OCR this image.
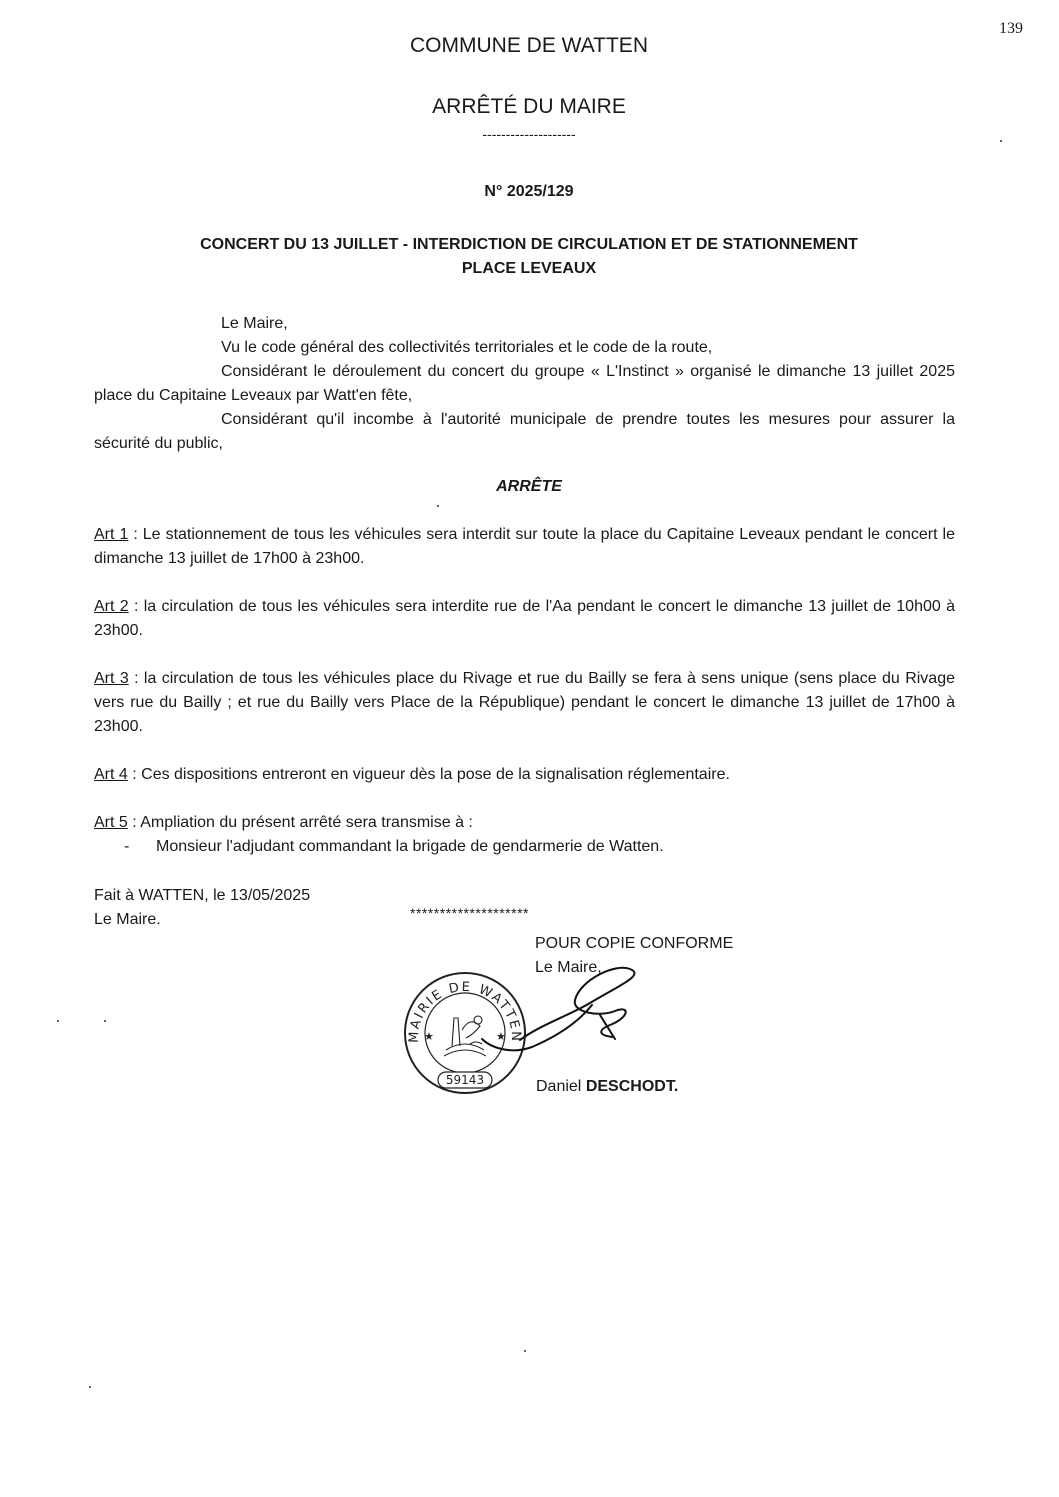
139
COMMUNE DE WATTEN
ARRÊTÉ DU MAIRE
--------------------
N° 2025/129
CONCERT DU 13 JUILLET - INTERDICTION DE CIRCULATION ET DE STATIONNEMENT
PLACE LEVEAUX

Le Maire,

Vu le code général des collectivités territoriales et le code de la route,

Considérant le déroulement du concert du groupe « L'Instinct » organisé le dimanche 13 juillet 2025 place du Capitaine Leveaux par Watt'en fête,

Considérant qu'il incombe à l'autorité municipale de prendre toutes les mesures pour assurer la sécurité du public,

ARRÊTE
Art 1 : Le stationnement de tous les véhicules sera interdit sur toute la place du Capitaine Leveaux pendant le concert le dimanche 13 juillet de 17h00 à 23h00.
Art 2 : la circulation de tous les véhicules sera interdite rue de l'Aa pendant le concert le dimanche 13 juillet de 10h00 à 23h00.
Art 3 : la circulation de tous les véhicules place du Rivage et rue du Bailly se fera à sens unique (sens place du Rivage vers rue du Bailly ; et rue du Bailly vers Place de la République) pendant le concert le dimanche 13 juillet de 17h00 à 23h00.
Art 4 : Ces dispositions entreront en vigueur dès la pose de la signalisation réglementaire.
Art 5 : Ampliation du présent arrêté sera transmise à :
- Monsieur l'adjudant commandant la brigade de gendarmerie de Watten.
Fait à WATTEN, le 13/05/2025
Le Maire.	********************
POUR COPIE CONFORME
Le Maire,
MAIRIE DE WATTEN
★	★
59143	Daniel DESCHODT.
